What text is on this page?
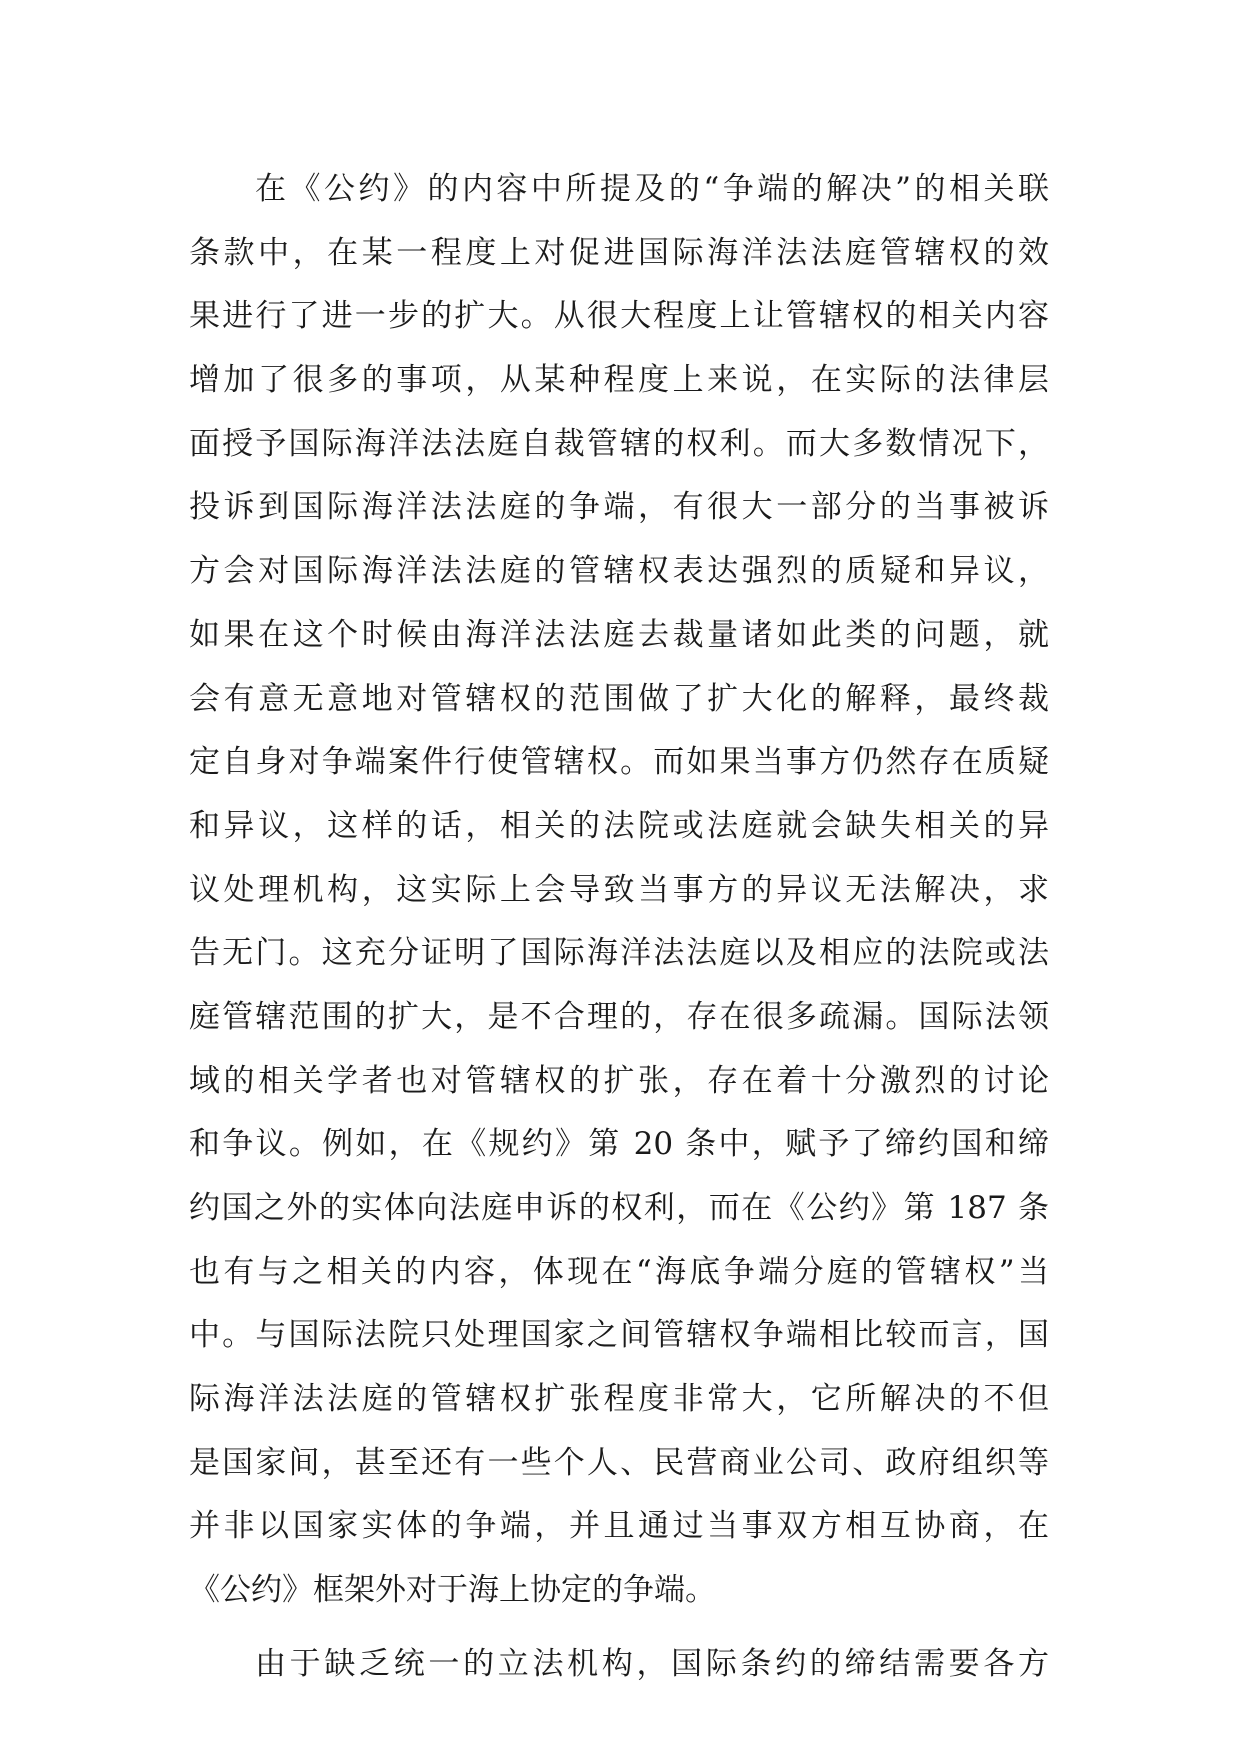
在《公约》的内容中所提及的“争端的解决”的相关联
条款中，在某一程度上对促进国际海洋法法庭管辖权的效
果进行了进一步的扩大。从很大程度上让管辖权的相关内容
增加了很多的事项，从某种程度上来说，在实际的法律层
面授予国际海洋法法庭自裁管辖的权利。而大多数情况下，
投诉到国际海洋法法庭的争端，有很大一部分的当事被诉
方会对国际海洋法法庭的管辖权表达强烈的质疑和异议，
如果在这个时候由海洋法法庭去裁量诸如此类的问题，就
会有意无意地对管辖权的范围做了扩大化的解释，最终裁
定自身对争端案件行使管辖权。而如果当事方仍然存在质疑
和异议，这样的话，相关的法院或法庭就会缺失相关的异
议处理机构，这实际上会导致当事方的异议无法解决，求
告无门。这充分证明了国际海洋法法庭以及相应的法院或法
庭管辖范围的扩大，是不合理的，存在很多疏漏。国际法领
域的相关学者也对管辖权的扩张，存在着十分激烈的讨论
和争议。例如，在《规约》第 20 条中，赋予了缔约国和缔
约国之外的实体向法庭申诉的权利，而在《公约》第 187 条
也有与之相关的内容，体现在“海底争端分庭的管辖权”当
中。与国际法院只处理国家之间管辖权争端相比较而言，国
际海洋法法庭的管辖权扩张程度非常大，它所解决的不但
是国家间，甚至还有一些个人、民营商业公司、政府组织等
并非以国家实体的争端，并且通过当事双方相互协商，在
《公约》框架外对于海上协定的争端。
由于缺乏统一的立法机构，国际条约的缔结需要各方
